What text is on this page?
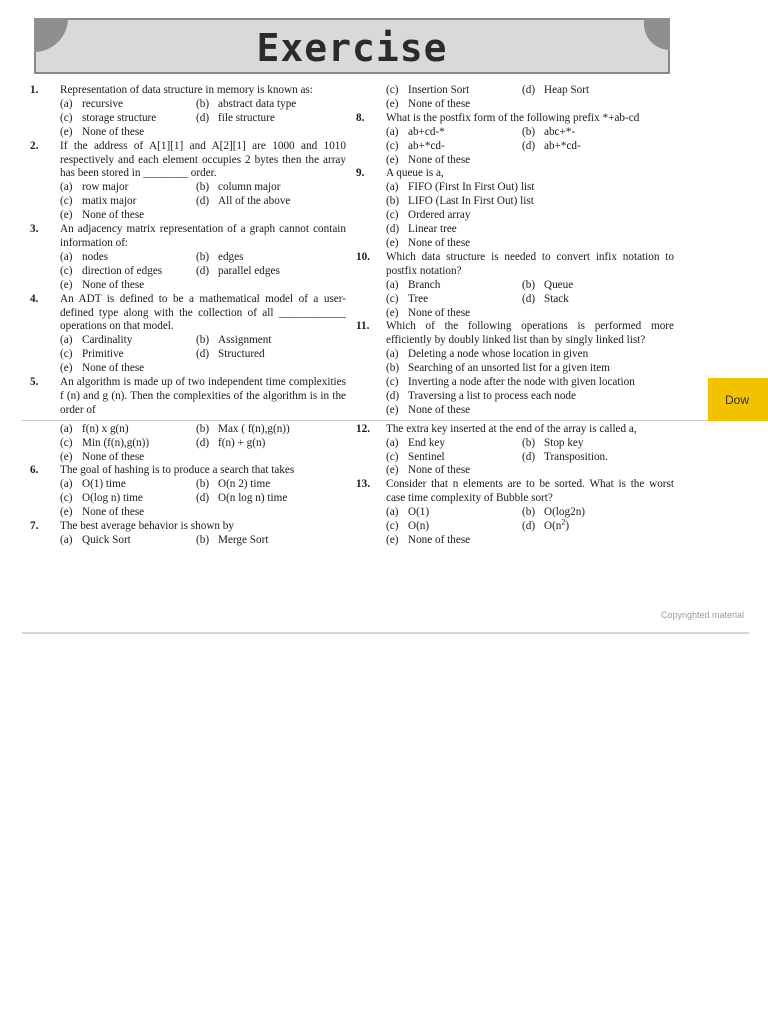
Exercise
1.	Representation of data structure in memory is known as:
(a) recursive	(b) abstract data type
(c) storage structure	(d) file structure
(e) None of these
2.	If the address of A[1][1] and A[2][1] are 1000 and 1010 respectively and each element occupies 2 bytes then the array has been stored in ________ order.
(a) row major	(b) column major
(c) matix major	(d) All of the above
(e) None of these
3.	An adjacency matrix representation of a graph cannot contain information of:
(a) nodes	(b) edges
(c) direction of edges	(d) parallel edges
(e) None of these
4.	An ADT is defined to be a mathematical model of a user-defined type along with the collection of all ____________ operations on that model.
(a) Cardinality	(b) Assignment
(c) Primitive	(d) Structured
(e) None of these
5.	An algorithm is made up of two independent time complexities f (n) and g (n). Then the complexities of the algorithm is in the order of
(a) f(n) x g(n)	(b) Max ( f(n),g(n))
(c) Min (f(n),g(n))	(d) f(n) + g(n)
(e) None of these
6.	The goal of hashing is to produce a search that takes
(a) O(1) time	(b) O(n 2) time
(c) O(log n) time	(d) O(n log n) time
(e) None of these
7.	The best average behavior is shown by
(a) Quick Sort	(b) Merge Sort
(c) Insertion Sort	(d) Heap Sort
(e) None of these
8.	What is the postfix form of the following prefix *+ab-cd
(a) ab+cd-*	(b) abc+*-
(c) ab+*cd-	(d) ab+*cd-
(e) None of these
9.	A queue is a,
(a) FIFO (First In First Out) list
(b) LIFO (Last In First Out) list
(c) Ordered array
(d) Linear tree
(e) None of these
10.	Which data structure is needed to convert infix notation to postfix notation?
(a) Branch	(b) Queue
(c) Tree	(d) Stack
(e) None of these
11.	Which of the following operations is performed more efficiently by doubly linked list than by singly linked list?
(a) Deleting a node whose location in given
(b) Searching of an unsorted list for a given item
(c) Inverting a node after the node with given location
(d) Traversing a list to process each node
(e) None of these
12.	The extra key inserted at the end of the array is called a,
(a) End key	(b) Stop key
(c) Sentinel	(d) Transposition.
(e) None of these
13.	Consider that n elements are to be sorted. What is the worst case time complexity of Bubble sort?
(a) O(1)	(b) O(log2n)
(c) O(n)	(d) $O(n^2)$
(e) None of these
Copyrighted material
Dow
